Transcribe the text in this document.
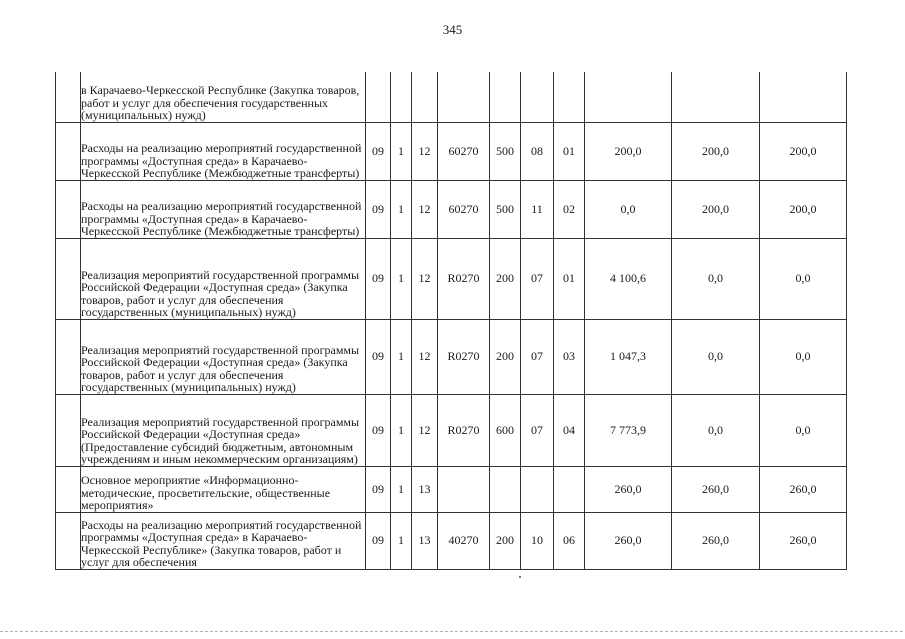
345
	в Карачаево-Черкесской Республике (Закупка товаров, работ и услуг для обеспечения государственных (муниципальных) нужд)										
	Расходы на реализацию мероприятий государственной программы «Доступная среда» в Карачаево-Черкесской Республике (Межбюджетные трансферты)	09	1	12	60270	500	08	01	200,0	200,0	200,0
	Расходы на реализацию мероприятий государственной программы «Доступная среда» в Карачаево-Черкесской Республике (Межбюджетные трансферты)	09	1	12	60270	500	11	02	0,0	200,0	200,0
	Реализация мероприятий государственной программы Российской Федерации «Доступная среда» (Закупка товаров, работ и услуг для обеспечения государственных (муниципальных) нужд)	09	1	12	R0270	200	07	01	4 100,6	0,0	0,0
	Реализация мероприятий государственной программы Российской Федерации «Доступная среда» (Закупка товаров, работ и услуг для обеспечения государственных (муниципальных) нужд)	09	1	12	R0270	200	07	03	1 047,3	0,0	0,0
	Реализация мероприятий государственной программы Российской Федерации «Доступная среда» (Предоставление субсидий бюджетным, автономным учреждениям и иным некоммерческим организациям)	09	1	12	R0270	600	07	04	7 773,9	0,0	0,0
	Основное мероприятие «Информационно-методические, просветительские, общественные мероприятия»	09	1	13					260,0	260,0	260,0
	Расходы на реализацию мероприятий государственной программы «Доступная среда» в Карачаево-Черкесской Республике» (Закупка товаров, работ и услуг для обеспечения	09	1	13	40270	200	10	06	260,0	260,0	260,0
